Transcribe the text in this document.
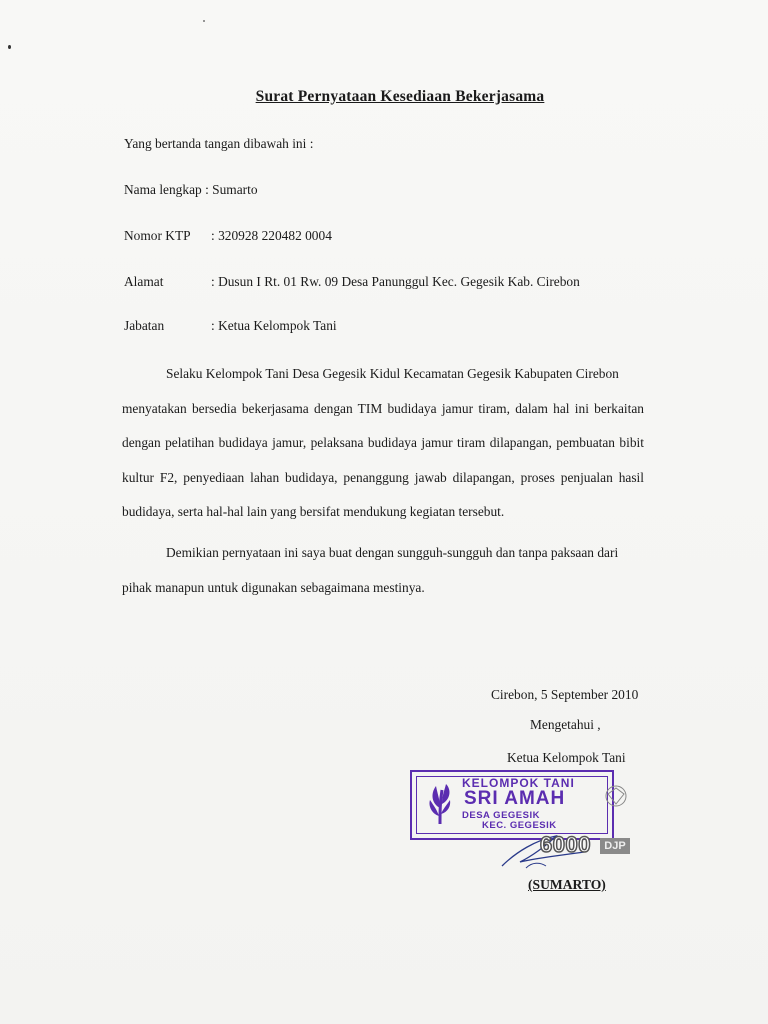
Surat Pernyataan Kesediaan Bekerjasama
Yang bertanda tangan dibawah ini :
Nama lengkap : Sumarto
Nomor KTP : 320928 220482 0004
Alamat	: Dusun I Rt. 01 Rw. 09 Desa Panunggul Kec. Gegesik Kab. Cirebon
Jabatan	: Ketua Kelompok Tani
Selaku Kelompok Tani Desa Gegesik Kidul Kecamatan Gegesik Kabupaten Cirebon
menyatakan bersedia bekerjasama dengan TIM budidaya jamur tiram, dalam hal ini berkaitan dengan pelatihan budidaya jamur, pelaksana budidaya jamur tiram dilapangan, pembuatan bibit kultur F2, penyediaan lahan budidaya, penanggung jawab dilapangan, proses penjualan hasil budidaya, serta hal-hal lain yang bersifat mendukung kegiatan tersebut.
Demikian pernyataan ini saya buat dengan sungguh-sungguh dan tanpa paksaan dari
pihak manapun untuk digunakan sebagaimana mestinya.
Cirebon, 5 September 2010
Mengetahui ,
Ketua Kelompok Tani
KELOMPOK TANI
SRI AMAH
DESA GEGESIK
KEC. GEGESIK
6000	DJP
(SUMARTO)
